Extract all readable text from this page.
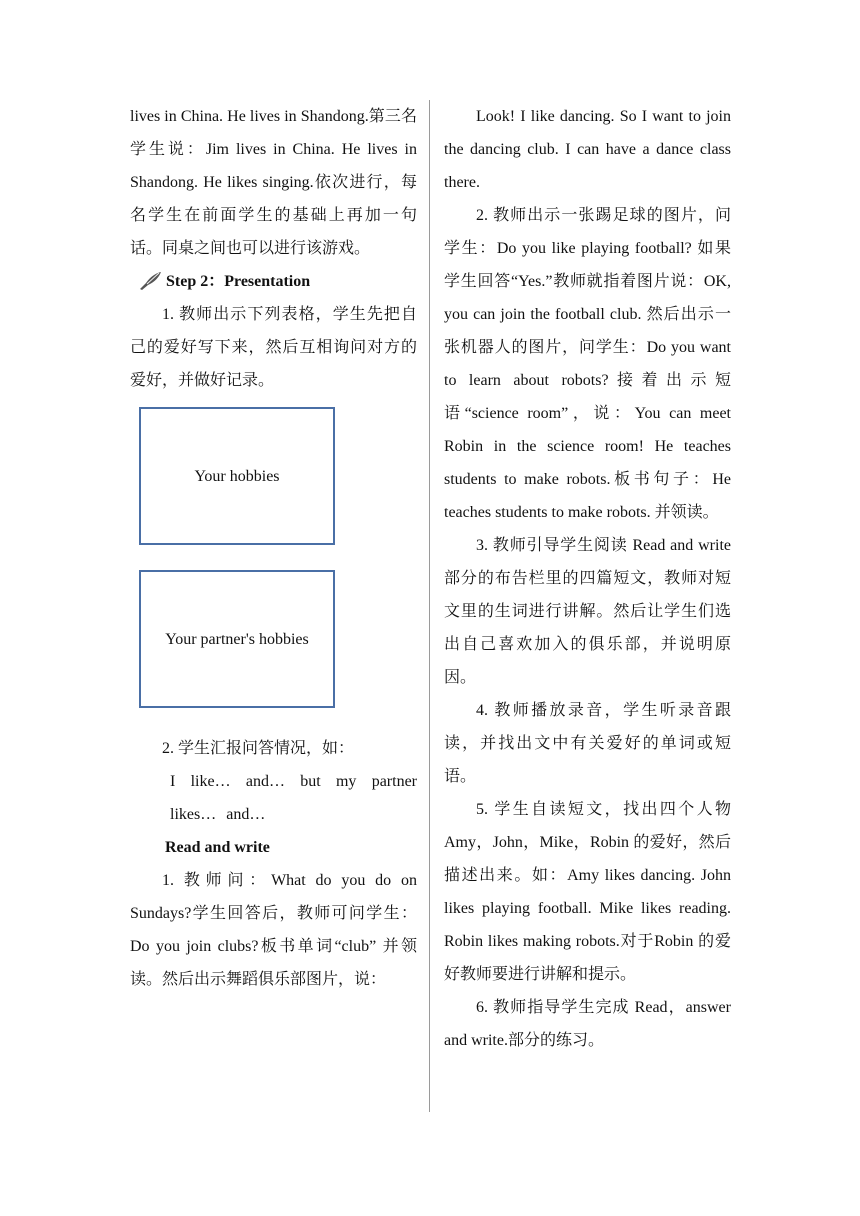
lives in China. He lives in Shandong.第三名学生说：Jim lives in China. He lives in Shandong. He likes singing.依次进行，每名学生在前面学生的基础上再加一句话。同桌之间也可以进行该游戏。

Step 2：Presentation

1. 教师出示下列表格，学生先把自己的爱好写下来，然后互相询问对方的爱好，并做好记录。

Your hobbies
Your partner's hobbies

2. 学生汇报问答情况，如：

I like… and… but my partner likes… and…

Read and write

1. 教师问：What do you do on Sundays?学生回答后，教师可问学生：Do you join clubs?板书单词“club” 并领读。然后出示舞蹈俱乐部图片，说：

Look! I like dancing. So I want to join the dancing club. I can have a dance class there.

2. 教师出示一张踢足球的图片，问学生：Do you like playing football? 如果学生回答“Yes.”教师就指着图片说：OK, you can join the football club. 然后出示一张机器人的图片，问学生：Do you want to learn about robots?接着出示短语“science room”，说：You can meet Robin in the science room! He teaches students to make robots.板书句子：He teaches students to make robots. 并领读。

3. 教师引导学生阅读 Read and write 部分的布告栏里的四篇短文，教师对短文里的生词进行讲解。然后让学生们选出自己喜欢加入的俱乐部，并说明原因。

4. 教师播放录音，学生听录音跟读，并找出文中有关爱好的单词或短语。

5. 学生自读短文，找出四个人物Amy，John，Mike，Robin 的爱好，然后描述出来。如：Amy likes dancing. John likes playing football. Mike likes reading. Robin likes making robots.对于Robin 的爱好教师要进行讲解和提示。

6. 教师指导学生完成 Read，answer and write.部分的练习。
